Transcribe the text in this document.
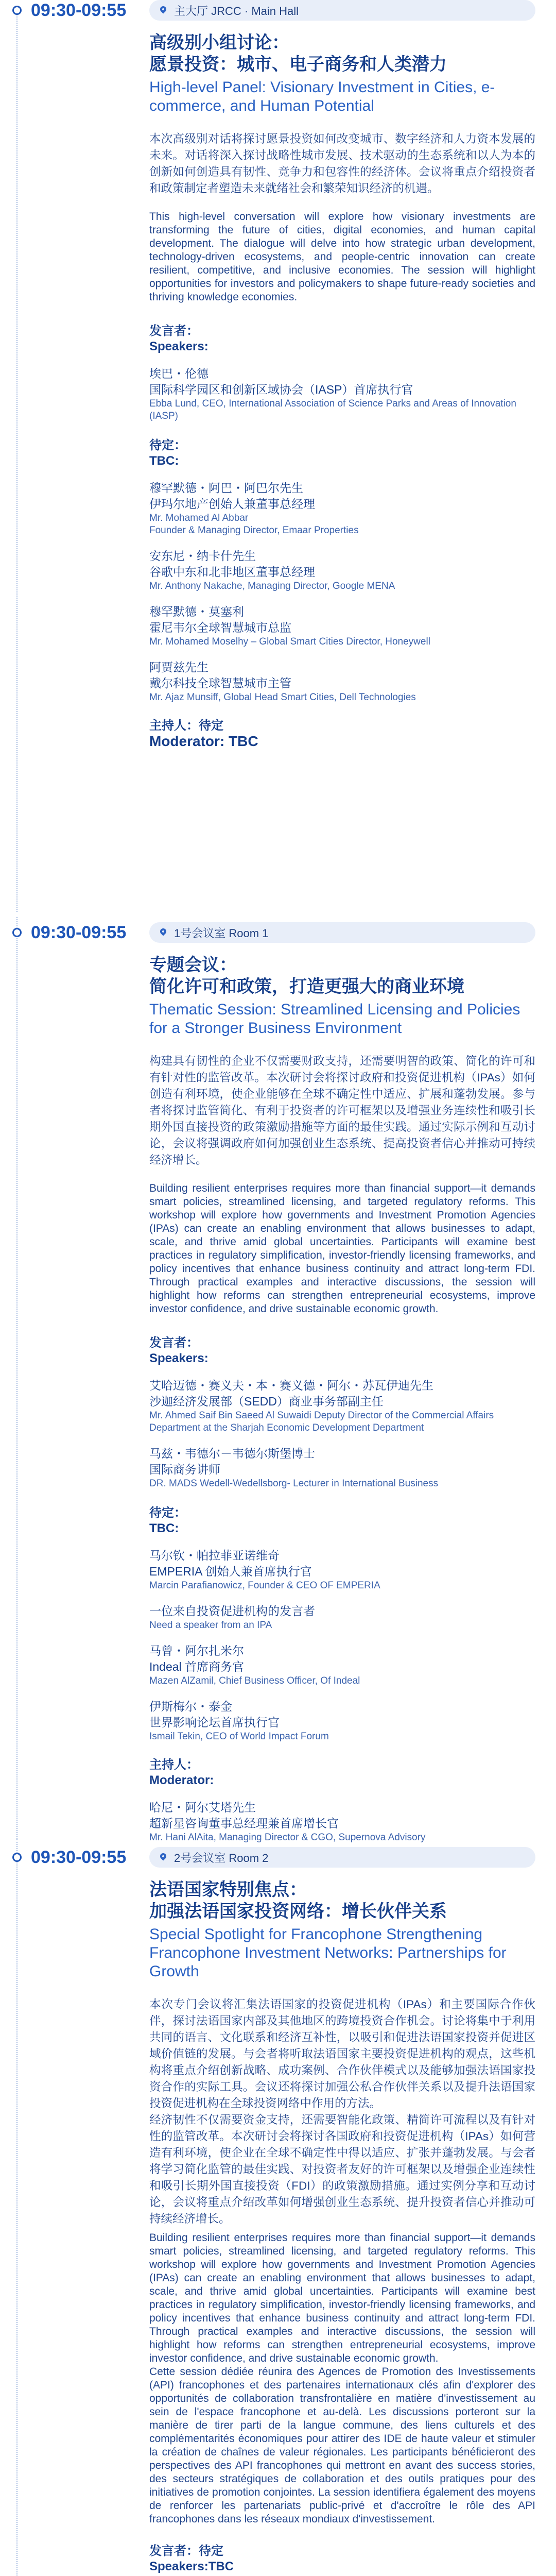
09:30-09:55	主大厅 JRCC · Main Hall
高级别小组讨论：
愿景投资：城市、电子商务和人类潜力
High-level Panel: Visionary Investment in Cities, e-commerce, and Human Potential
本次高级别对话将探讨愿景投资如何改变城市、数字经济和人力资本发展的未来。对话将深入探讨战略性城市发展、技术驱动的生态系统和以人为本的创新如何创造具有韧性、竞争力和包容性的经济体。会议将重点介绍投资者和政策制定者塑造未来就绪社会和繁荣知识经济的机遇。
This high-level conversation will explore how visionary investments are transforming the future of cities, digital economies, and human capital development. The dialogue will delve into how strategic urban development, technology-driven ecosystems, and people-centric innovation can create resilient, competitive, and inclusive economies. The session will highlight opportunities for investors and policymakers to shape future-ready societies and thriving knowledge economies.
发言者：
Speakers:
埃巴・伦德
国际科学园区和创新区域协会（IASP）首席执行官
Ebba Lund, CEO, International Association of Science Parks and Areas of Innovation (IASP)
待定：
TBC:
穆罕默德・阿巴・阿巴尔先生
伊玛尔地产创始人兼董事总经理
Mr. Mohamed Al Abbar
Founder & Managing Director, Emaar Properties
安东尼・纳卡什先生
谷歌中东和北非地区董事总经理
Mr. Anthony Nakache, Managing Director, Google MENA
穆罕默德・莫塞利
霍尼韦尔全球智慧城市总监
Mr. Mohamed Moselhy – Global Smart Cities Director, Honeywell
阿贾兹先生
戴尔科技全球智慧城市主管
Mr. Ajaz Munsiff, Global Head Smart Cities, Dell Technologies
主持人：待定
Moderator: TBC
09:30-09:55	1号会议室 Room 1
专题会议：
简化许可和政策，打造更强大的商业环境
Thematic Session: Streamlined Licensing and Policies for a Stronger Business Environment
构建具有韧性的企业不仅需要财政支持，还需要明智的政策、简化的许可和有针对性的监管改革。本次研讨会将探讨政府和投资促进机构（IPAs）如何创造有利环境，使企业能够在全球不确定性中适应、扩展和蓬勃发展。参与者将探讨监管简化、有利于投资者的许可框架以及增强业务连续性和吸引长期外国直接投资的政策激励措施等方面的最佳实践。通过实际示例和互动讨论，会议将强调政府如何加强创业生态系统、提高投资者信心并推动可持续经济增长。
Building resilient enterprises requires more than financial support—it demands smart policies, streamlined licensing, and targeted regulatory reforms. This workshop will explore how governments and Investment Promotion Agencies (IPAs) can create an enabling environment that allows businesses to adapt, scale, and thrive amid global uncertainties. Participants will examine best practices in regulatory simplification, investor-friendly licensing frameworks, and policy incentives that enhance business continuity and attract long-term FDI. Through practical examples and interactive discussions, the session will highlight how reforms can strengthen entrepreneurial ecosystems, improve investor confidence, and drive sustainable economic growth.
发言者：
Speakers:
艾哈迈德・赛义夫・本・赛义德・阿尔・苏瓦伊迪先生
沙迦经济发展部（SEDD）商业事务部副主任
Mr. Ahmed Saif Bin Saeed Al Suwaidi Deputy Director of the Commercial Affairs Department at the Sharjah Economic Development Department
马兹・韦德尔－韦德尔斯堡博士
国际商务讲师
DR. MADS Wedell-Wedellsborg- Lecturer in International Business
待定：
TBC:
马尔钦・帕拉菲亚诺维奇
EMPERIA 创始人兼首席执行官
Marcin Parafianowicz, Founder & CEO OF EMPERIA
一位来自投资促进机构的发言者
Need a speaker from an IPA
马曾・阿尔扎米尔
Indeal 首席商务官
Mazen AlZamil, Chief Business Officer, Of Indeal
伊斯梅尔・泰金
世界影响论坛首席执行官
Ismail Tekin, CEO of World Impact Forum
主持人：
Moderator:
哈尼・阿尔艾塔先生
超新星咨询董事总经理兼首席增长官
Mr. Hani AlAita, Managing Director & CGO, Supernova Advisory
09:30-09:55	2号会议室 Room 2
法语国家特别焦点：
加强法语国家投资网络：增长伙伴关系
Special Spotlight for Francophone Strengthening Francophone Investment Networks: Partnerships for Growth
本次专门会议将汇集法语国家的投资促进机构（IPAs）和主要国际合作伙伴，探讨法语国家内部及其他地区的跨境投资合作机会。讨论将集中于利用共同的语言、文化联系和经济互补性，以吸引和促进法语国家投资并促进区域价值链的发展。与会者将听取法语国家主要投资促进机构的观点，这些机构将重点介绍创新战略、成功案例、合作伙伴模式以及能够加强法语国家投资合作的实际工具。会议还将探讨加强公私合作伙伴关系以及提升法语国家投资促进机构在全球投资网络中作用的方法。
经济韧性不仅需要资金支持，还需要智能化政策、精简许可流程以及有针对性的监管改革。本次研讨会将探讨各国政府和投资促进机构（IPAs）如何营造有利环境，使企业在全球不确定性中得以适应、扩张并蓬勃发展。与会者将学习简化监管的最佳实践、对投资者友好的许可框架以及增强企业连续性和吸引长期外国直接投资（FDI）的政策激励措施。通过实例分享和互动讨论，会议将重点介绍改革如何增强创业生态系统、提升投资者信心并推动可持续经济增长。
Building resilient enterprises requires more than financial support—it demands smart policies, streamlined licensing, and targeted regulatory reforms. This workshop will explore how governments and Investment Promotion Agencies (IPAs) can create an enabling environment that allows businesses to adapt, scale, and thrive amid global uncertainties. Participants will examine best practices in regulatory simplification, investor-friendly licensing frameworks, and policy incentives that enhance business continuity and attract long-term FDI. Through practical examples and interactive discussions, the session will highlight how reforms can strengthen entrepreneurial ecosystems, improve investor confidence, and drive sustainable economic growth.
Cette session dédiée réunira des Agences de Promotion des Investissements (API) francophones et des partenaires internationaux clés afin d'explorer des opportunités de collaboration transfrontalière en matière d'investissement au sein de l'espace francophone et au-delà. Les discussions porteront sur la manière de tirer parti de la langue commune, des liens culturels et des complémentarités économiques pour attirer des IDE de haute valeur et stimuler la création de chaînes de valeur régionales. Les participants bénéficieront des perspectives des API francophones qui mettront en avant des success stories, des secteurs stratégiques de collaboration et des outils pratiques pour des initiatives de promotion conjointes. La session identifiera également des moyens de renforcer les partenariats public-privé et d'accroître le rôle des API francophones dans les réseaux mondiaux d'investissement.
发言者：待定
Speakers:TBC
